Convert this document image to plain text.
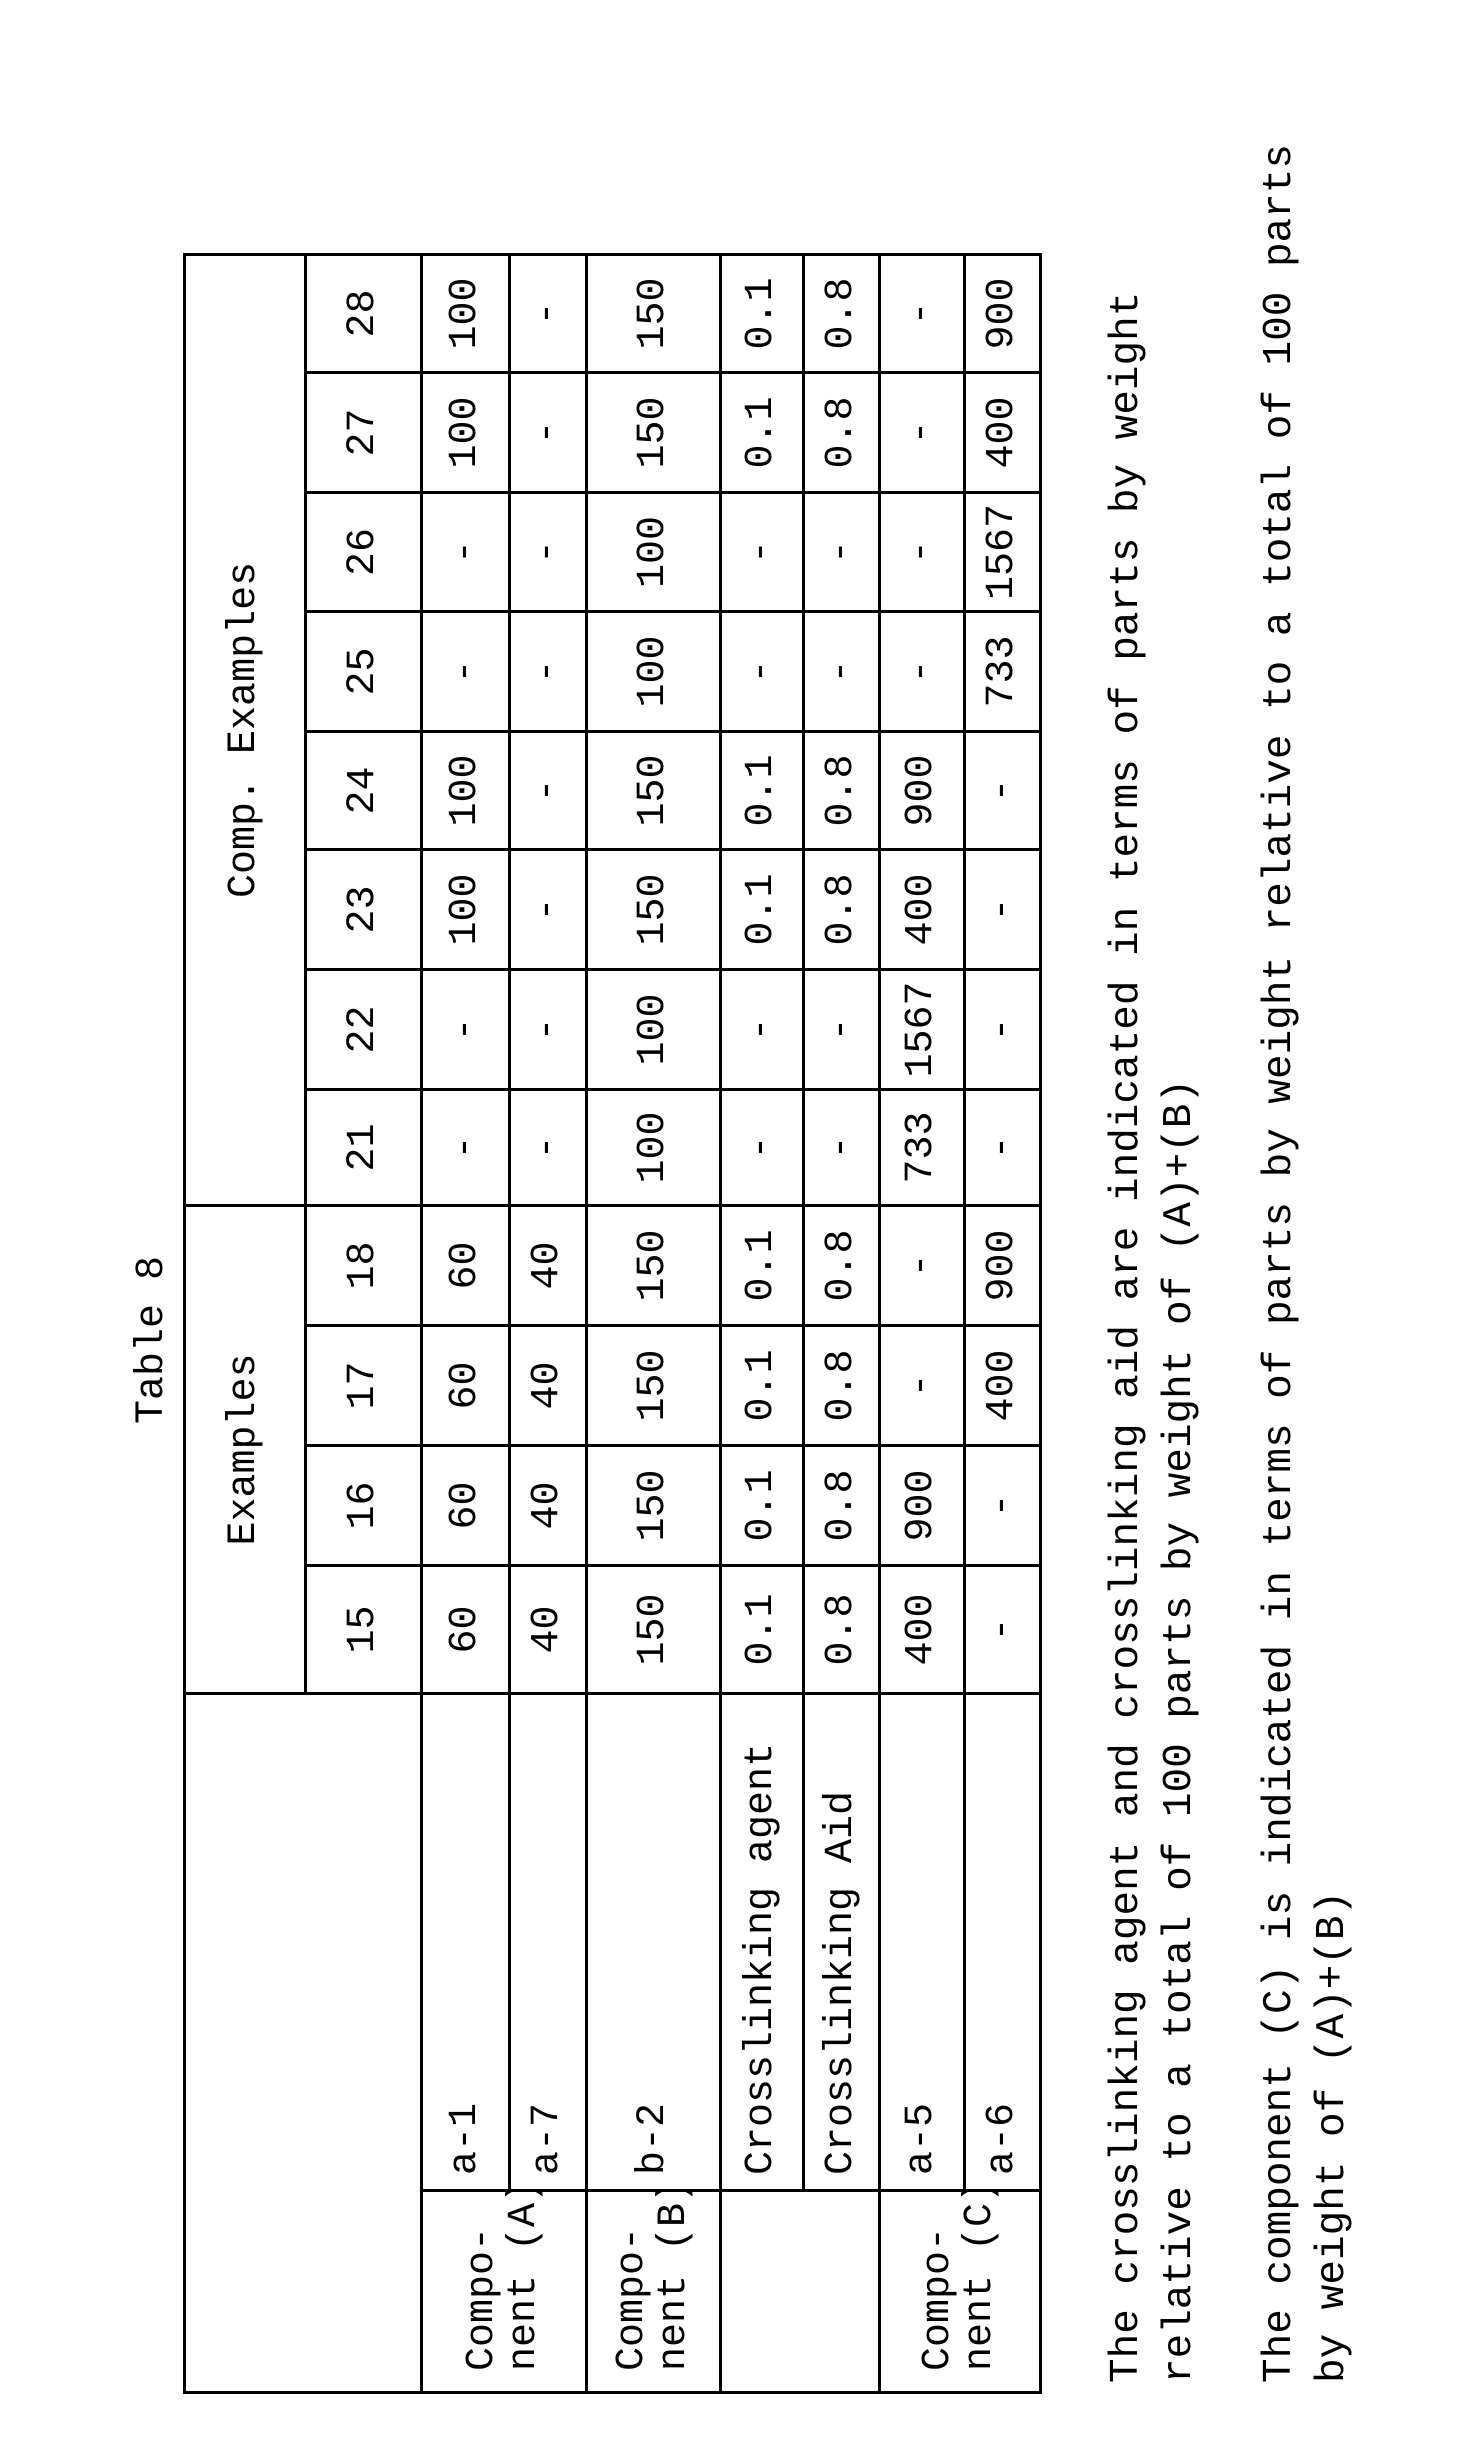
Table 8
	Examples	Comp. Examples
15	16	17	18	21	22	23	24	25	26	27	28

Compo-
nent (A)
	a-1	60	60	60	60	-	-	100	100	-	-	100	100
a-7	40	40	40	40	-	-	-	-	-	-	-	-

Compo-
nent (B)
	b-2	150	150	150	150	100	100	150	150	100	100	150	150
	Crosslinking agent	0.1	0.1	0.1	0.1	-	-	0.1	0.1	-	-	0.1	0.1
Crosslinking Aid	0.8	0.8	0.8	0.8	-	-	0.8	0.8	-	-	0.8	0.8

Compo-
nent (C)
	a-5	400	900	-	-	733	1567	400	900	-	-	-	-
a-6	-	-	400	900	-	-	-	-	733	1567	400	900 The crosslinking agent and crosslinking aid are indicated in terms of parts by weight relative to a total of 100 parts by weight of (A)+(B) The component (C) is indicated in terms of parts by weight relative to a total of 100 parts by weight of (A)+(B)
